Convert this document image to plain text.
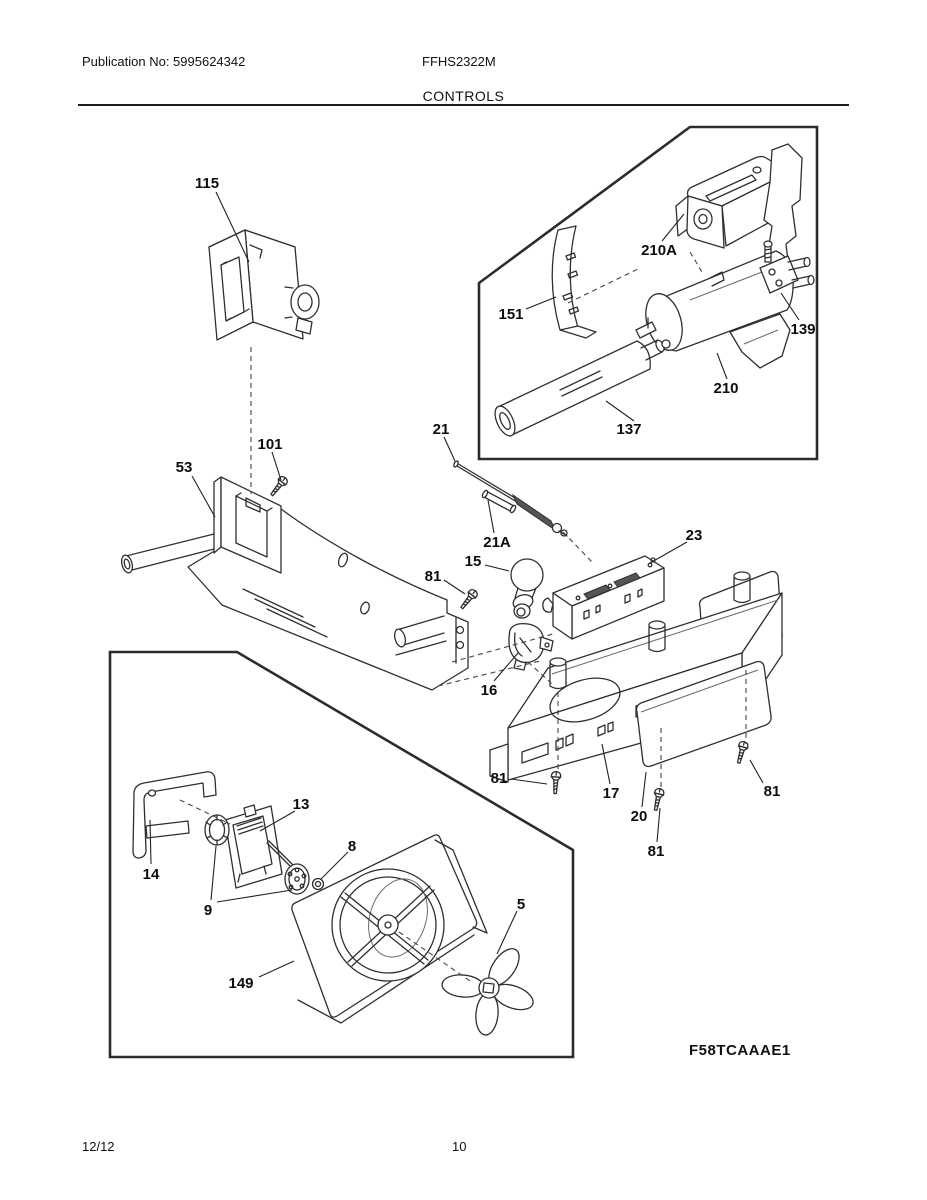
Publication No: 5995624342	FFHS2322M
CONTROLS
115
210A
151
139
210
137
21
101
53
21A	23
81
15
16
17
81
20
81
81
14
13
9
8
149
5
F58TCAAAE1
12/12	10
